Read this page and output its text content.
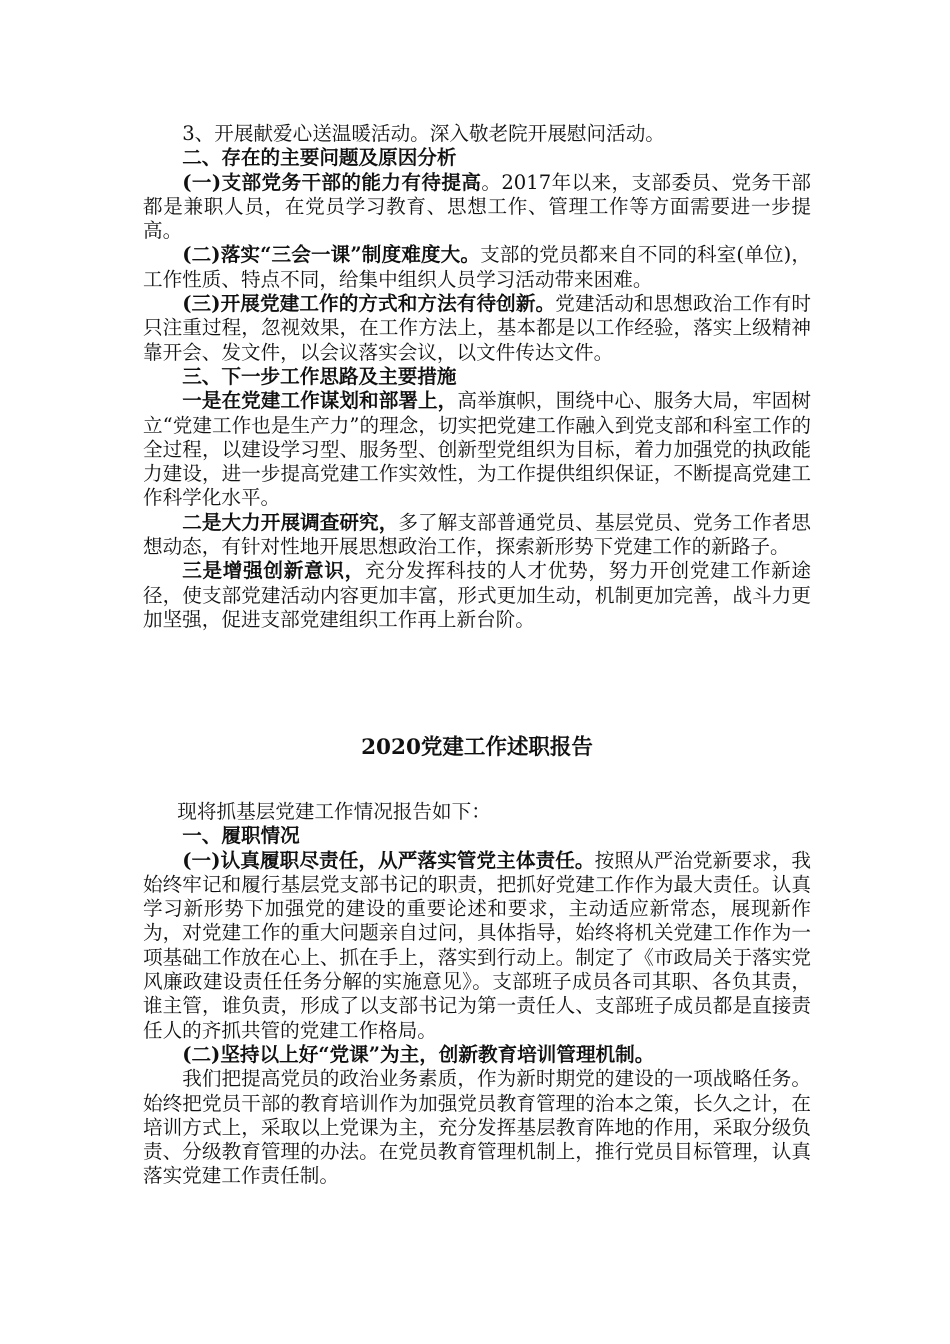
3、开展献爱心送温暖活动。深入敬老院开展慰问活动。

二、存在的主要问题及原因分析

(一)支部党务干部的能力有待提高。2017年以来，支部委员、党务干部都是兼职人员，在党员学习教育、思想工作、管理工作等方面需要进一步提高。

(二)落实“三会一课”制度难度大。支部的党员都来自不同的科室(单位)，工作性质、特点不同，给集中组织人员学习活动带来困难。

(三)开展党建工作的方式和方法有待创新。党建活动和思想政治工作有时只注重过程，忽视效果，在工作方法上，基本都是以工作经验，落实上级精神靠开会、发文件，以会议落实会议，以文件传达文件。

三、下一步工作思路及主要措施

一是在党建工作谋划和部署上，高举旗帜，围绕中心、服务大局，牢固树立“党建工作也是生产力”的理念，切实把党建工作融入到党支部和科室工作的全过程，以建设学习型、服务型、创新型党组织为目标，着力加强党的执政能力建设，进一步提高党建工作实效性，为工作提供组织保证，不断提高党建工作科学化水平。

二是大力开展调查研究，多了解支部普通党员、基层党员、党务工作者思想动态，有针对性地开展思想政治工作，探索新形势下党建工作的新路子。

三是增强创新意识，充分发挥科技的人才优势，努力开创党建工作新途径，使支部党建活动内容更加丰富，形式更加生动，机制更加完善，战斗力更加坚强，促进支部党建组织工作再上新台阶。

2020党建工作述职报告

现将抓基层党建工作情况报告如下：

一、履职情况

(一)认真履职尽责任，从严落实管党主体责任。按照从严治党新要求，我始终牢记和履行基层党支部书记的职责，把抓好党建工作作为最大责任。认真学习新形势下加强党的建设的重要论述和要求，主动适应新常态，展现新作为，对党建工作的重大问题亲自过问，具体指导，始终将机关党建工作作为一项基础工作放在心上、抓在手上，落实到行动上。制定了《市政局关于落实党风廉政建设责任任务分解的实施意见》。支部班子成员各司其职、各负其责，谁主管，谁负责，形成了以支部书记为第一责任人、支部班子成员都是直接责任人的齐抓共管的党建工作格局。

(二)坚持以上好“党课”为主，创新教育培训管理机制。

我们把提高党员的政治业务素质，作为新时期党的建设的一项战略任务。始终把党员干部的教育培训作为加强党员教育管理的治本之策，长久之计，在培训方式上，采取以上党课为主，充分发挥基层教育阵地的作用，采取分级负责、分级教育管理的办法。在党员教育管理机制上，推行党员目标管理，认真落实党建工作责任制。
